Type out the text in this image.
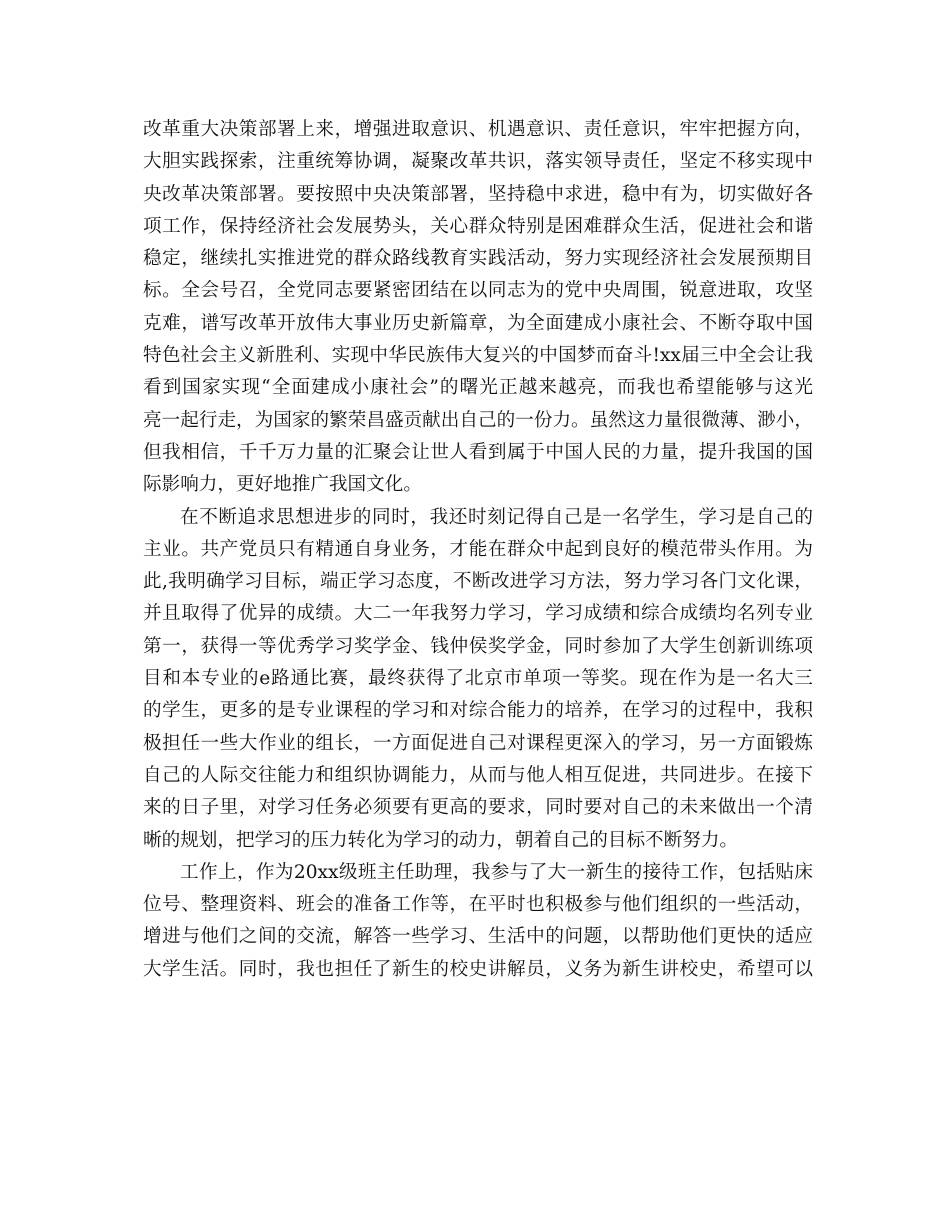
改革重大决策部署上来，增强进取意识、机遇意识、责任意识，牢牢把握方向，
大胆实践探索，注重统筹协调，凝聚改革共识，落实领导责任，坚定不移实现中
央改革决策部署。要按照中央决策部署，坚持稳中求进，稳中有为，切实做好各
项工作，保持经济社会发展势头，关心群众特别是困难群众生活，促进社会和谐
稳定，继续扎实推进党的群众路线教育实践活动，努力实现经济社会发展预期目
标。全会号召，全党同志要紧密团结在以同志为的党中央周围，锐意进取，攻坚
克难，谱写改革开放伟大事业历史新篇章，为全面建成小康社会、不断夺取中国
特色社会主义新胜利、实现中华民族伟大复兴的中国梦而奋斗!xx届三中全会让我
看到国家实现“全面建成小康社会”的曙光正越来越亮，而我也希望能够与这光
亮一起行走，为国家的繁荣昌盛贡献出自己的一份力。虽然这力量很微薄、渺小，
但我相信，千千万力量的汇聚会让世人看到属于中国人民的力量，提升我国的国
际影响力，更好地推广我国文化。
在不断追求思想进步的同时，我还时刻记得自己是一名学生，学习是自己的
主业。共产党员只有精通自身业务，才能在群众中起到良好的模范带头作用。为
此,我明确学习目标，端正学习态度，不断改进学习方法，努力学习各门文化课，
并且取得了优异的成绩。大二一年我努力学习，学习成绩和综合成绩均名列专业
第一，获得一等优秀学习奖学金、钱仲侯奖学金，同时参加了大学生创新训练项
目和本专业的e路通比赛，最终获得了北京市单项一等奖。现在作为是一名大三
的学生，更多的是专业课程的学习和对综合能力的培养，在学习的过程中，我积
极担任一些大作业的组长，一方面促进自己对课程更深入的学习，另一方面锻炼
自己的人际交往能力和组织协调能力，从而与他人相互促进，共同进步。在接下
来的日子里，对学习任务必须要有更高的要求，同时要对自己的未来做出一个清
晰的规划，把学习的压力转化为学习的动力，朝着自己的目标不断努力。
工作上，作为20xx级班主任助理，我参与了大一新生的接待工作，包括贴床
位号、整理资料、班会的准备工作等，在平时也积极参与他们组织的一些活动，
增进与他们之间的交流，解答一些学习、生活中的问题，以帮助他们更快的适应
大学生活。同时，我也担任了新生的校史讲解员，义务为新生讲校史，希望可以
